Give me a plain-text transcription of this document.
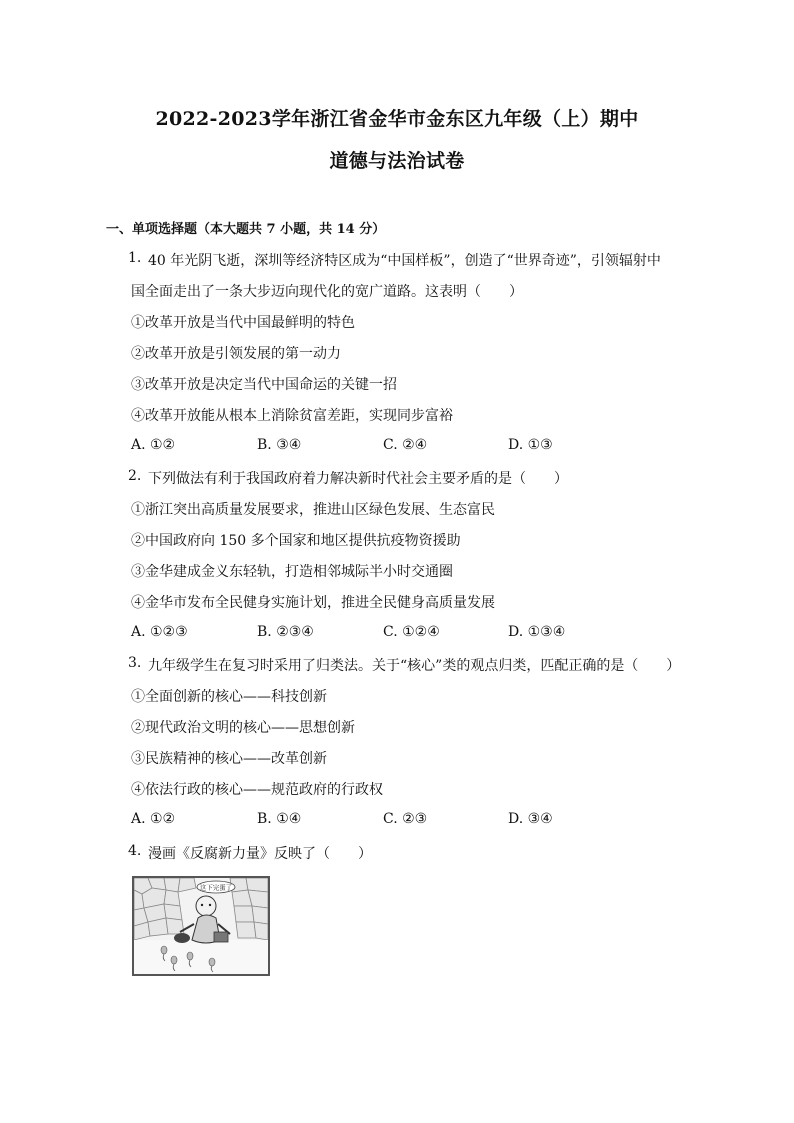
2022-2023学年浙江省金华市金东区九年级（上）期中
道德与法治试卷
一、单项选择题（本大题共 7 小题，共 14 分）
1. 40 年光阴飞逝，深圳等经济特区成为“中国样板”，创造了“世界奇迹”，引领辐射中
国全面走出了一条大步迈向现代化的宽广道路。这表明（　　）
①改革开放是当代中国最鲜明的特色
②改革开放是引领发展的第一动力
③改革开放是决定当代中国命运的关键一招
④改革开放能从根本上消除贫富差距，实现同步富裕
A. ①②	B. ③④	C. ②④	D. ①③
2. 下列做法有利于我国政府着力解决新时代社会主要矛盾的是（　　）
①浙江突出高质量发展要求，推进山区绿色发展、生态富民
②中国政府向 150 多个国家和地区提供抗疫物资援助
③金华建成金义东轻轨，打造相邻城际半小时交通圈
④金华市发布全民健身实施计划，推进全民健身高质量发展
A. ①②③	B. ②③④	C. ①②④	D. ①③④
3. 九年级学生在复习时采用了归类法。关于“核心”类的观点归类，匹配正确的是（　　）
①全面创新的核心——科技创新
②现代政治文明的核心——思想创新
③民族精神的核心——改革创新
④依法行政的核心——规范政府的行政权
A. ①②	B. ①④	C. ②③	D. ③④
4. 漫画《反腐新力量》反映了（　　）
这下完蛋了
